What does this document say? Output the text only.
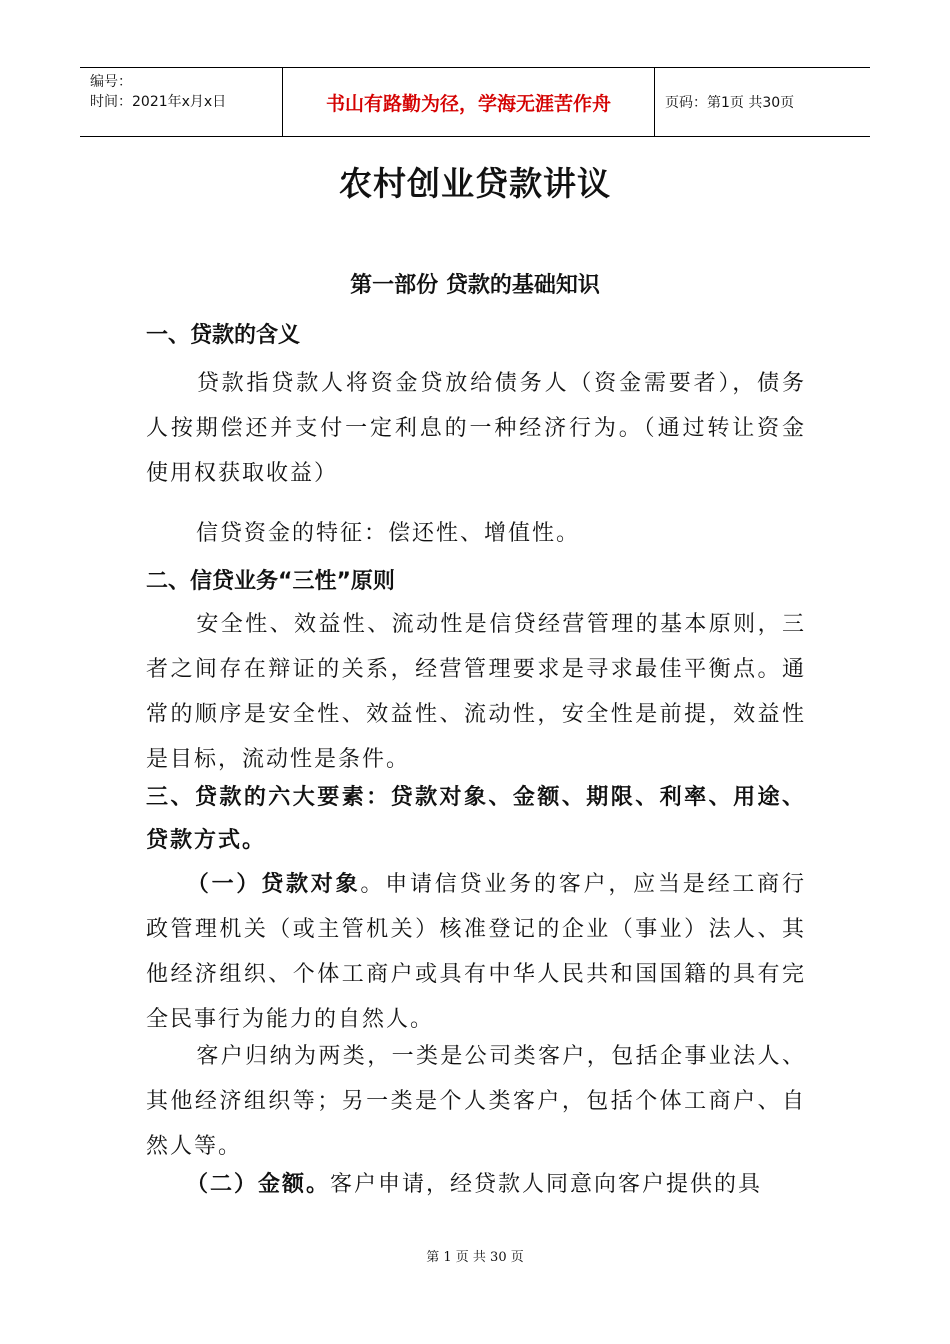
编号：
时间：2021年x月x日	书山有路勤为径，学海无涯苦作舟	页码：第1页 共30页
农村创业贷款讲议
第一部份 贷款的基础知识
一、贷款的含义
贷款指贷款人将资金贷放给债务人（资金需要者），债务人按期偿还并支付一定利息的一种经济行为。（通过转让资金使用权获取收益）
信贷资金的特征：偿还性、增值性。
二、信贷业务“三性”原则
安全性、效益性、流动性是信贷经营管理的基本原则，三者之间存在辩证的关系，经营管理要求是寻求最佳平衡点。通常的顺序是安全性、效益性、流动性，安全性是前提，效益性是目标，流动性是条件。
三、贷款的六大要素：贷款对象、金额、期限、利率、用途、贷款方式。
（一）贷款对象。申请信贷业务的客户，应当是经工商行政管理机关（或主管机关）核准登记的企业（事业）法人、其他经济组织、个体工商户或具有中华人民共和国国籍的具有完全民事行为能力的自然人。
客户归纳为两类，一类是公司类客户，包括企事业法人、其他经济组织等；另一类是个人类客户，包括个体工商户、自然人等。
（二）金额。客户申请，经贷款人同意向客户提供的具
第 1 页 共 30 页
